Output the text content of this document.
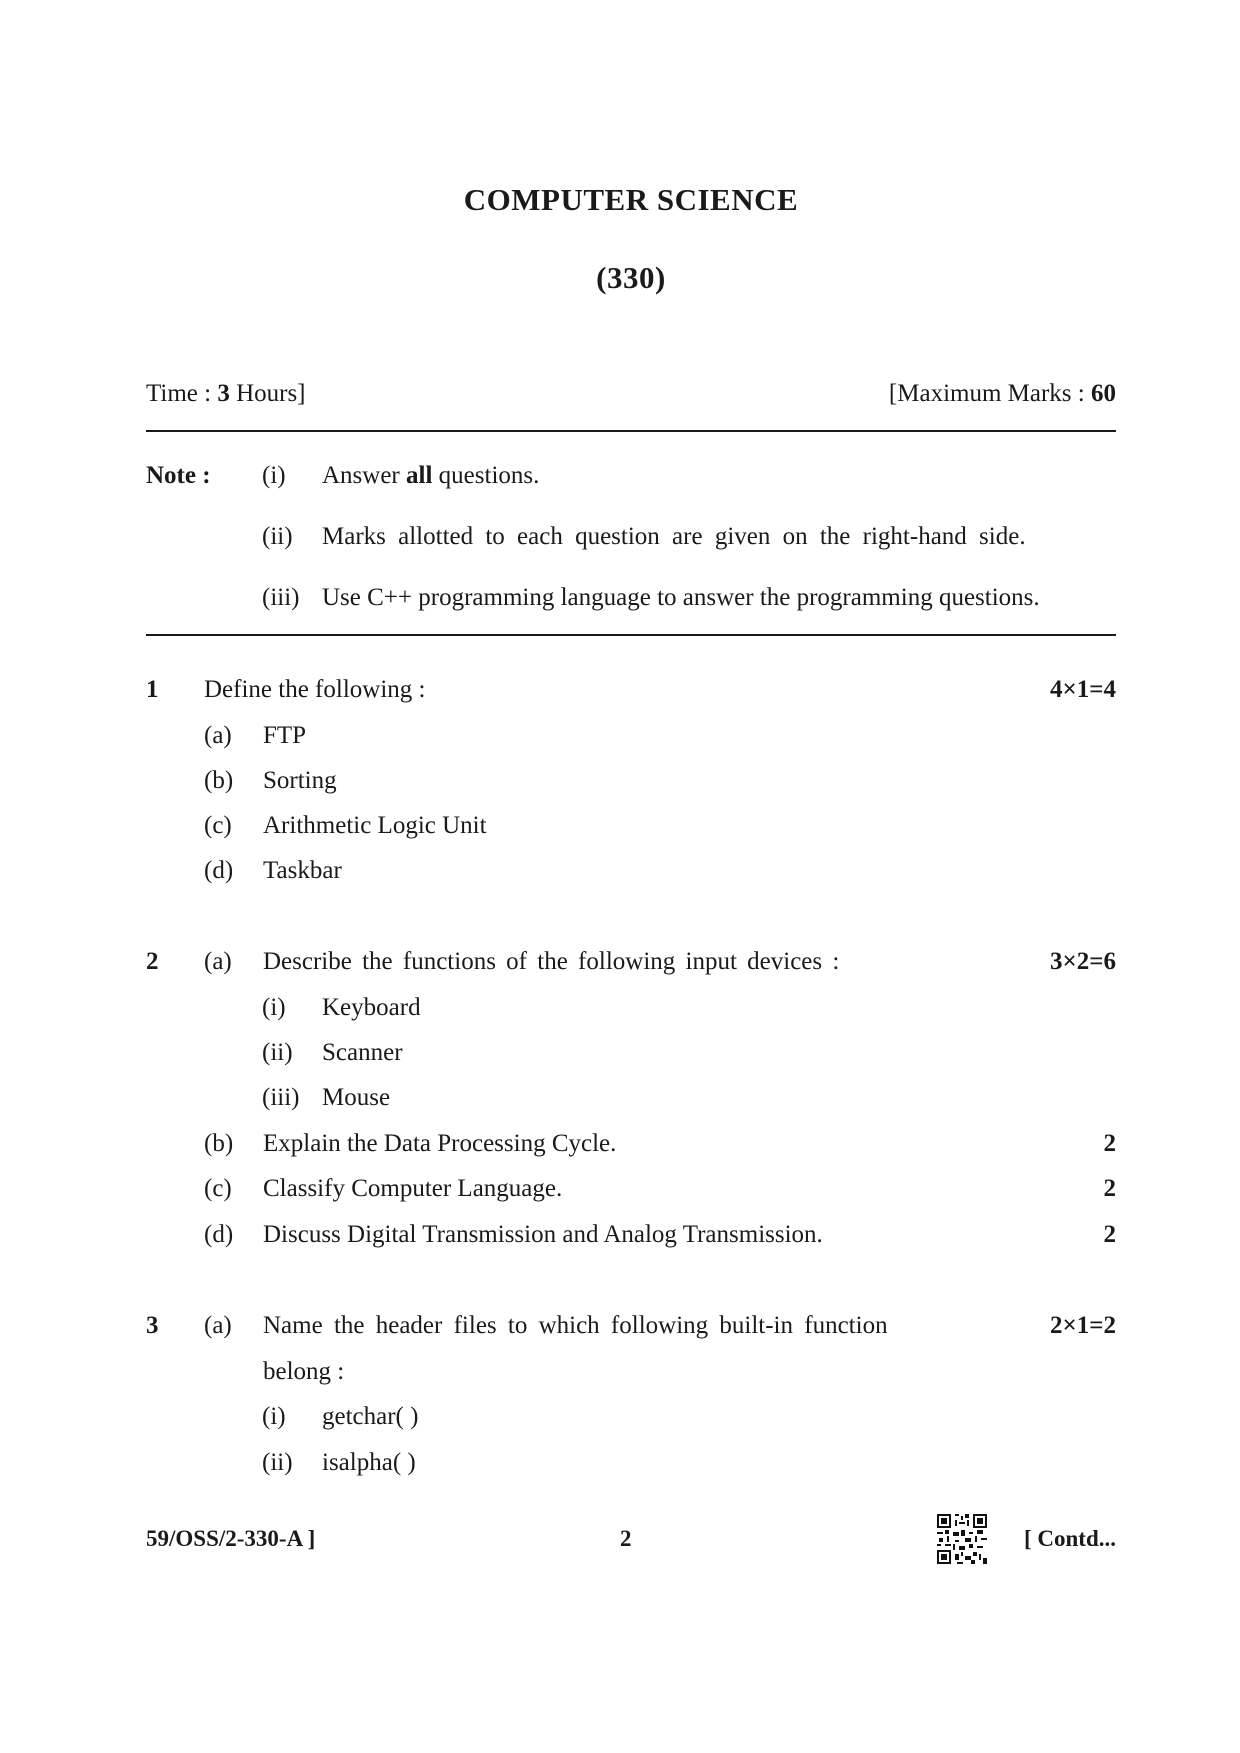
COMPUTER SCIENCE
(330)
Time : 3 Hours]	[Maximum Marks : 60
Note : (i) Answer all questions.
(ii) Marks allotted to each question are given on the right-hand side.
(iii) Use C++ programming language to answer the programming questions.
1 Define the following :	4×1=4
(a) FTP
(b) Sorting
(c) Arithmetic Logic Unit
(d) Taskbar
2 (a) Describe the functions of the following input devices :	3×2=6
(i) Keyboard
(ii) Scanner
(iii) Mouse
(b) Explain the Data Processing Cycle.	2
(c) Classify Computer Language.	2
(d) Discuss Digital Transmission and Analog Transmission.	2
3 (a) Name the header files to which following built-in function	2×1=2
belong :
(i) getchar( )
(ii) isalpha( )
59/OSS/2-330-A ]	2	[ Contd...
